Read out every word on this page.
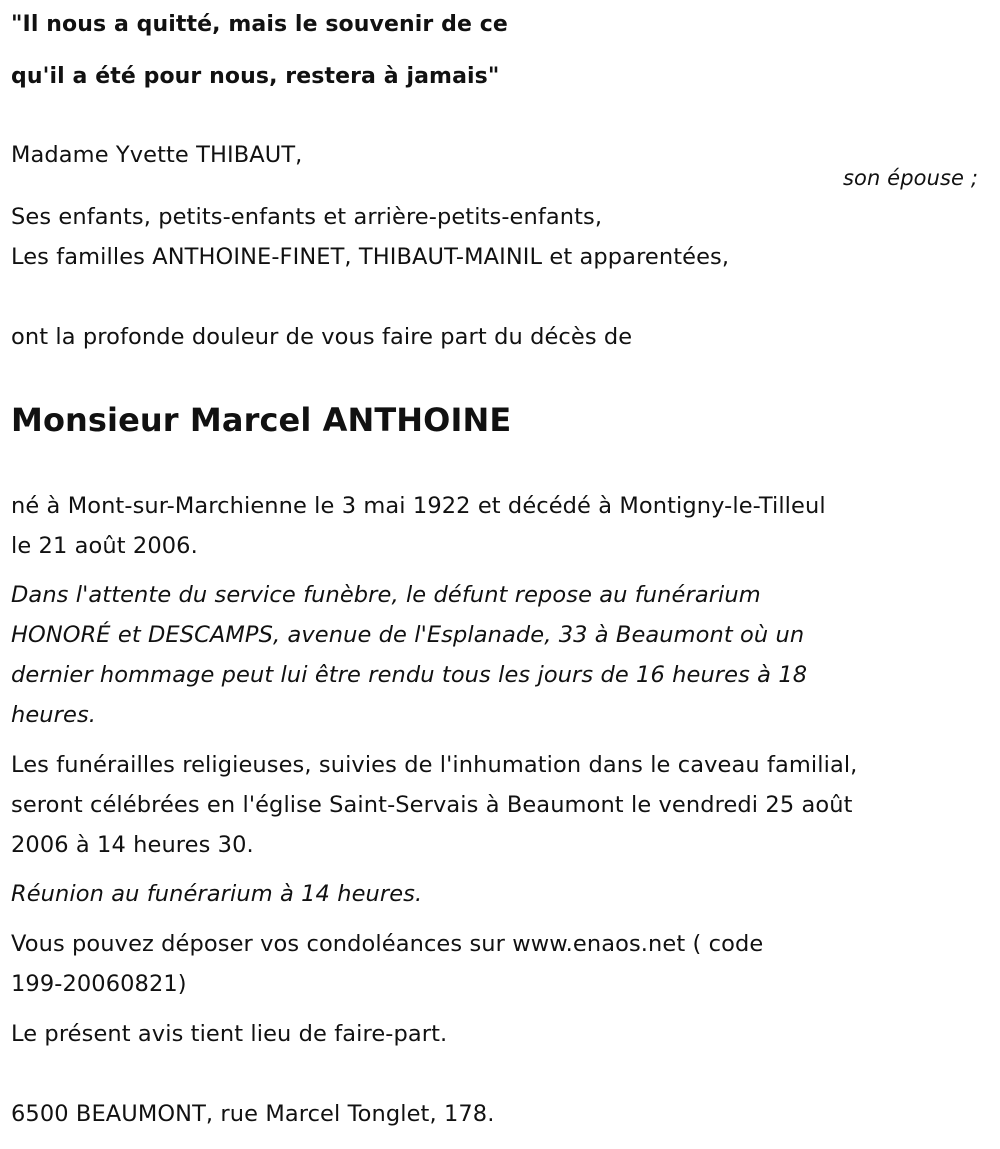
"Il nous a quitté, mais le souvenir de ce
qu'il a été pour nous, restera à jamais"
Madame Yvette THIBAUT,
son épouse ;
Ses enfants, petits-enfants et arrière-petits-enfants,
Les familles ANTHOINE-FINET, THIBAUT-MAINIL et apparentées,
ont la profonde douleur de vous faire part du décès de
Monsieur Marcel ANTHOINE
né à Mont-sur-Marchienne le 3 mai 1922 et décédé à Montigny-le-Tilleul
le 21 août 2006.
Dans l'attente du service funèbre, le défunt repose au funérarium
HONORÉ et DESCAMPS, avenue de l'Esplanade, 33 à Beaumont où un
dernier hommage peut lui être rendu tous les jours de 16 heures à 18
heures.
Les funérailles religieuses, suivies de l'inhumation dans le caveau familial,
seront célébrées en l'église Saint-Servais à Beaumont le vendredi 25 août
2006 à 14 heures 30.
Réunion au funérarium à 14 heures.
Vous pouvez déposer vos condoléances sur www.enaos.net ( code
199-20060821)
Le présent avis tient lieu de faire-part.
6500 BEAUMONT, rue Marcel Tonglet, 178.
